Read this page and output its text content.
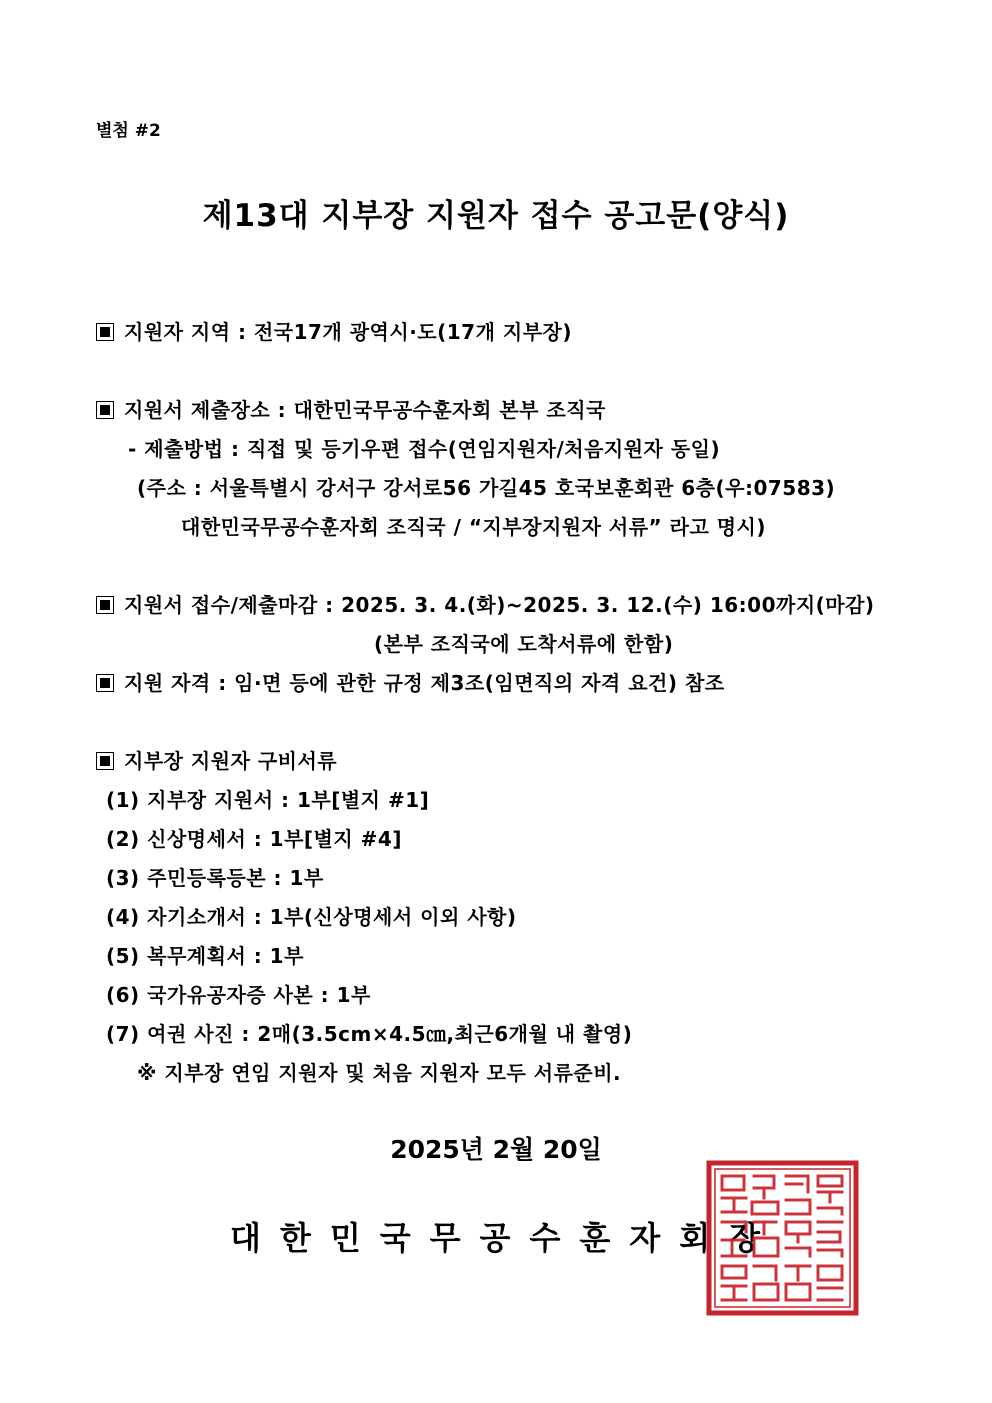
별첨 #2
제13대 지부장 지원자 접수 공고문(양식)
지원자 지역 : 전국17개 광역시·도(17개 지부장)
지원서 제출장소 : 대한민국무공수훈자회 본부 조직국
- 제출방법 : 직접 및 등기우편 접수(연임지원자/처음지원자 동일)
(주소 : 서울특별시 강서구 강서로56 가길45 호국보훈회관 6층(우:07583)
대한민국무공수훈자회 조직국 / “지부장지원자 서류” 라고 명시)
지원서 접수/제출마감 : 2025. 3. 4.(화)~2025. 3. 12.(수) 16:00까지(마감)
(본부 조직국에 도착서류에 한함)
지원 자격 : 임·면 등에 관한 규정 제3조(임면직의 자격 요건) 참조
지부장 지원자 구비서류
(1) 지부장 지원서 : 1부[별지 #1]
(2) 신상명세서 : 1부[별지 #4]
(3) 주민등록등본 : 1부
(4) 자기소개서 : 1부(신상명세서 이외 사항)
(5) 복무계획서 : 1부
(6) 국가유공자증 사본 : 1부
(7) 여권 사진 : 2매(3.5cm×4.5㎝,최근6개월 내 촬영)
※ 지부장 연임 지원자 및 처음 지원자 모두 서류준비.
2025년 2월 20일
대한민국무공수훈자회장
